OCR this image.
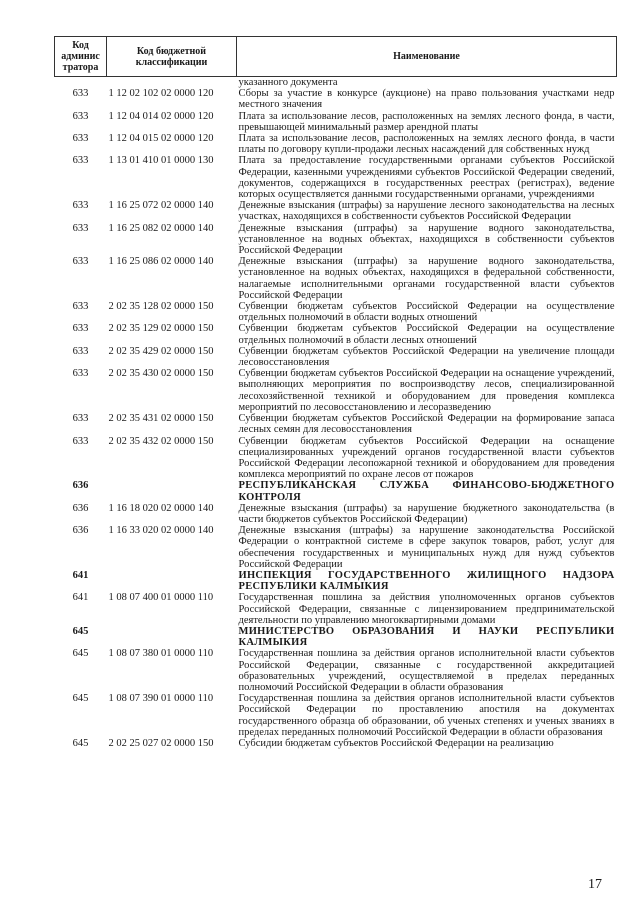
Код админис тратора	Код бюджетной классификации	Наименование
		указанного документа
633	1 12 02 102 02 0000 120	Сборы за участие в конкурсе (аукционе) на право пользования участками недр местного значения
633	1 12 04 014 02 0000 120	Плата за использование лесов, расположенных на землях лесного фонда, в части, превышающей минимальный размер арендной платы
633	1 12 04 015 02 0000 120	Плата за использование лесов, расположенных на землях лесного фонда, в части платы по договору купли-продажи лесных насаждений для собственных нужд
633	1 13 01 410 01 0000 130	Плата за предоставление государственными органами субъектов Российской Федерации, казенными учреждениями субъектов Российской Федерации сведений, документов, содержащихся в государственных реестрах (регистрах), ведение которых осуществляется данными государственными органами, учреждениями
633	1 16 25 072 02 0000 140	Денежные взыскания (штрафы) за нарушение лесного законодательства на лесных участках, находящихся в собственности субъектов Российской Федерации
633	1 16 25 082 02 0000 140	Денежные взыскания (штрафы) за нарушение водного законодательства, установленное на водных объектах, находящихся в собственности субъектов Российской Федерации
633	1 16 25 086 02 0000 140	Денежные взыскания (штрафы) за нарушение водного законодательства, установленное на водных объектах, находящихся в федеральной собственности, налагаемые исполнительными органами государственной власти субъектов Российской Федерации
633	2 02 35 128 02 0000 150	Субвенции бюджетам субъектов Российской Федерации на осуществление отдельных полномочий в области водных отношений
633	2 02 35 129 02 0000 150	Субвенции бюджетам субъектов Российской Федерации на осуществление отдельных полномочий в области лесных отношений
633	2 02 35 429 02 0000 150	Субвенции бюджетам субъектов Российской Федерации на увеличение площади лесовосстановления
633	2 02 35 430 02 0000 150	Субвенции бюджетам субъектов Российской Федерации на оснащение учреждений, выполняющих мероприятия по воспроизводству лесов, специализированной лесохозяйственной техникой и оборудованием для проведения комплекса мероприятий по лесовосстановлению и лесоразведению
633	2 02 35 431 02 0000 150	Субвенции бюджетам субъектов Российской Федерации на формирование запаса лесных семян для лесовосстановления
633	2 02 35 432 02 0000 150	Субвенции бюджетам субъектов Российской Федерации на оснащение специализированных учреждений органов государственной власти субъектов Российской Федерации лесопожарной техникой и оборудованием для проведения комплекса мероприятий по охране лесов от пожаров
636		РЕСПУБЛИКАНСКАЯ СЛУЖБА ФИНАНСОВО-БЮДЖЕТНОГО КОНТРОЛЯ
636	1 16 18 020 02 0000 140	Денежные взыскания (штрафы) за нарушение бюджетного законодательства (в части бюджетов субъектов Российской Федерации)
636	1 16 33 020 02 0000 140	Денежные взыскания (штрафы) за нарушение законодательства Российской Федерации о контрактной системе в сфере закупок товаров, работ, услуг для обеспечения государственных и муниципальных нужд для нужд субъектов Российской Федерации
641		ИНСПЕКЦИЯ ГОСУДАРСТВЕННОГО ЖИЛИЩНОГО НАДЗОРА РЕСПУБЛИКИ КАЛМЫКИЯ
641	1 08 07 400 01 0000 110	Государственная пошлина за действия уполномоченных органов субъектов Российской Федерации, связанные с лицензированием предпринимательской деятельности по управлению многоквартирными домами
645		МИНИСТЕРСТВО ОБРАЗОВАНИЯ И НАУКИ РЕСПУБЛИКИ КАЛМЫКИЯ
645	1 08 07 380 01 0000 110	Государственная пошлина за действия органов исполнительной власти субъектов Российской Федерации, связанные с государственной аккредитацией образовательных учреждений, осуществляемой в пределах переданных полномочий Российской Федерации в области образования
645	1 08 07 390 01 0000 110	Государственная пошлина за действия органов исполнительной власти субъектов Российской Федерации по проставлению апостиля на документах государственного образца об образовании, об ученых степенях и ученых званиях в пределах переданных полномочий Российской Федерации в области образования
645	2 02 25 027 02 0000 150	Субсидии бюджетам субъектов Российской Федерации на реализацию
17
